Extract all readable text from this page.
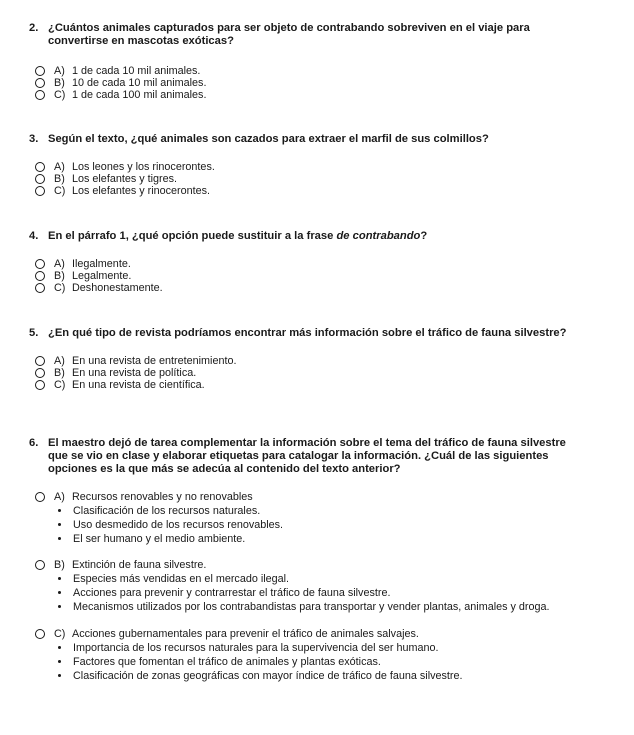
2. ¿Cuántos animales capturados para ser objeto de contrabando sobreviven en el viaje para convertirse en mascotas exóticas?
A) 1 de cada 10 mil animales.
B) 10 de cada 10 mil animales.
C) 1 de cada 100 mil animales.
3. Según el texto, ¿qué animales son cazados para extraer el marfil de sus colmillos?
A) Los leones y los rinocerontes.
B) Los elefantes y tigres.
C) Los elefantes y rinocerontes.
4. En el párrafo 1, ¿qué opción puede sustituir a la frase de contrabando?
A) Ilegalmente.
B) Legalmente.
C) Deshonestamente.
5. ¿En qué tipo de revista podríamos encontrar más información sobre el tráfico de fauna silvestre?
A) En una revista de entretenimiento.
B) En una revista de política.
C) En una revista de científica.
6. El maestro dejó de tarea complementar la información sobre el tema del tráfico de fauna silvestre que se vio en clase y elaborar etiquetas para catalogar la información. ¿Cuál de las siguientes opciones es la que más se adecúa al contenido del texto anterior?
A) Recursos renovables y no renovables
Clasificación de los recursos naturales.
Uso desmedido de los recursos renovables.
El ser humano y el medio ambiente.
B) Extinción de fauna silvestre.
Especies más vendidas en el mercado ilegal.
Acciones para prevenir y contrarrestar el tráfico de fauna silvestre.
Mecanismos utilizados por los contrabandistas para transportar y vender plantas, animales y droga.
C) Acciones gubernamentales para prevenir el tráfico de animales salvajes.
Importancia de los recursos naturales para la supervivencia del ser humano.
Factores que fomentan el tráfico de animales y plantas exóticas.
Clasificación de zonas geográficas con mayor índice de tráfico de fauna silvestre.
